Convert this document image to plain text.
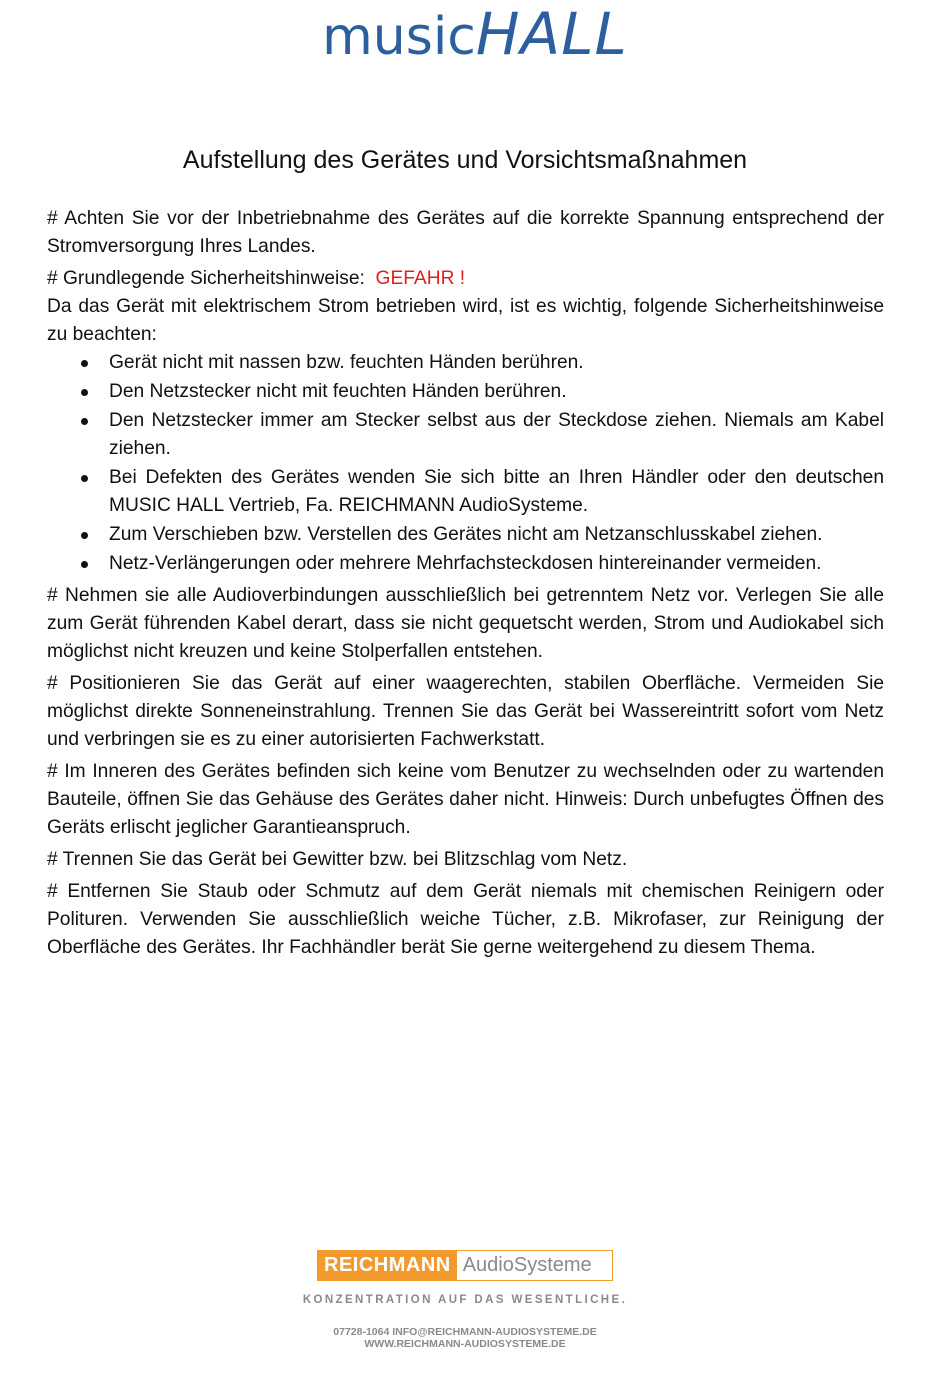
musicHALL
Aufstellung des Gerätes und Vorsichtsmaßnahmen

# Achten Sie vor der Inbetriebnahme des Gerätes auf die korrekte Spannung entsprechend der Stromversorgung Ihres Landes.

# Grundlegende Sicherheitshinweise: GEFAHR !

Da das Gerät mit elektrischem Strom betrieben wird, ist es wichtig, folgende Sicherheitshinweise zu beachten:

Gerät nicht mit nassen bzw. feuchten Händen berühren.
Den Netzstecker nicht mit feuchten Händen berühren.
Den Netzstecker immer am Stecker selbst aus der Steckdose ziehen. Niemals am Kabel ziehen.
Bei Defekten des Gerätes wenden Sie sich bitte an Ihren Händler oder den deutschen MUSIC HALL Vertrieb, Fa. REICHMANN AudioSysteme.
Zum Verschieben bzw. Verstellen des Gerätes nicht am Netzanschlusskabel ziehen.
Netz-Verlängerungen oder mehrere Mehrfachsteckdosen hintereinander vermeiden.

# Nehmen sie alle Audioverbindungen ausschließlich bei getrenntem Netz vor. Verlegen Sie alle zum Gerät führenden Kabel derart, dass sie nicht gequetscht werden, Strom und Audiokabel sich möglichst nicht kreuzen und keine Stolperfallen entstehen.

# Positionieren Sie das Gerät auf einer waagerechten, stabilen Oberfläche. Vermeiden Sie möglichst direkte Sonneneinstrahlung. Trennen Sie das Gerät bei Wassereintritt sofort vom Netz und verbringen sie es zu einer autorisierten Fachwerkstatt.

# Im Inneren des Gerätes befinden sich keine vom Benutzer zu wechselnden oder zu wartenden Bauteile, öffnen Sie das Gehäuse des Gerätes daher nicht. Hinweis: Durch unbefugtes Öffnen des Geräts erlischt jeglicher Garantieanspruch.

# Trennen Sie das Gerät bei Gewitter bzw. bei Blitzschlag vom Netz.

# Entfernen Sie Staub oder Schmutz auf dem Gerät niemals mit chemischen Reinigern oder Polituren. Verwenden Sie ausschließlich weiche Tücher, z.B. Mikrofaser, zur Reinigung der Oberfläche des Gerätes. Ihr Fachhändler berät Sie gerne weitergehend zu diesem Thema.

REICHMANN AudioSysteme
KONZENTRATION AUF DAS WESENTLICHE.
07728-1064 INFO@REICHMANN-AUDIOSYSTEME.DE
WWW.REICHMANN-AUDIOSYSTEME.DE
